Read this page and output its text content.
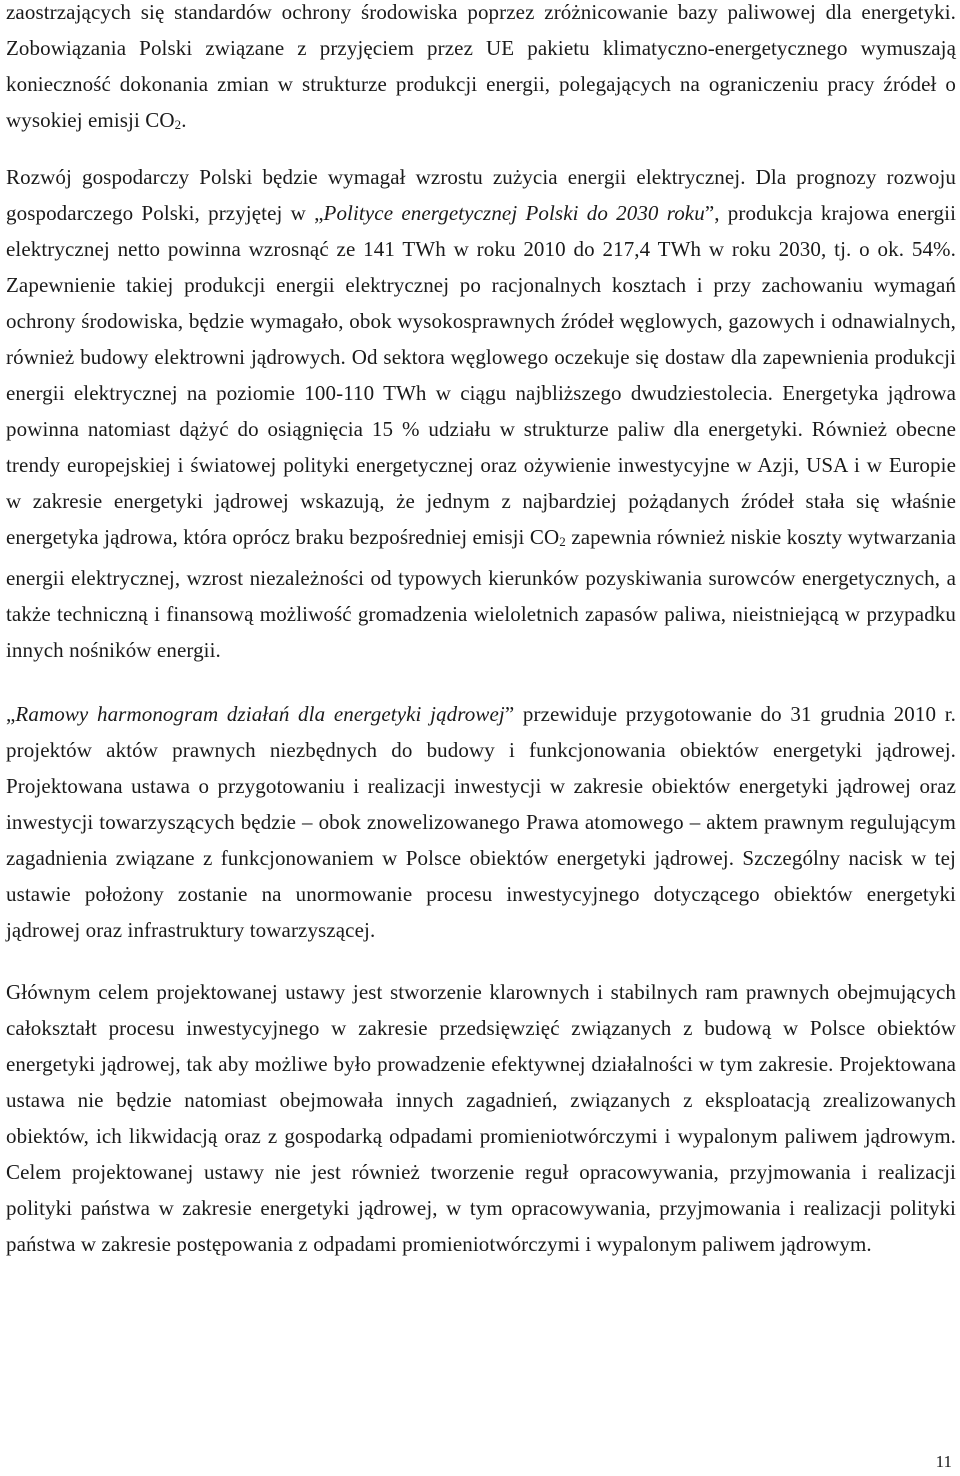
zaostrzających się standardów ochrony środowiska poprzez zróżnicowanie bazy paliwowej dla energetyki. Zobowiązania Polski związane z przyjęciem przez UE pakietu klimatyczno-energetycznego wymuszają konieczność dokonania zmian w strukturze produkcji energii, polegających na ograniczeniu pracy źródeł o wysokiej emisji $CO_2$.

Rozwój gospodarczy Polski będzie wymagał wzrostu zużycia energii elektrycznej. Dla prognozy rozwoju gospodarczego Polski, przyjętej w „Polityce energetycznej Polski do 2030 roku”, produkcja krajowa energii elektrycznej netto powinna wzrosnąć ze 141 TWh w roku 2010 do 217,4 TWh w roku 2030, tj. o ok. 54%. Zapewnienie takiej produkcji energii elektrycznej po racjonalnych kosztach i przy zachowaniu wymagań ochrony środowiska, będzie wymagało, obok wysokosprawnych źródeł węglowych, gazowych i odnawialnych, również budowy elektrowni jądrowych. Od sektora węglowego oczekuje się dostaw dla zapewnienia produkcji energii elektrycznej na poziomie 100-110 TWh w ciągu najbliższego dwudziestolecia. Energetyka jądrowa powinna natomiast dążyć do osiągnięcia 15 % udziału w strukturze paliw dla energetyki. Również obecne trendy europejskiej i światowej polityki energetycznej oraz ożywienie inwestycyjne w Azji, USA i w Europie w zakresie energetyki jądrowej wskazują, że jednym z najbardziej pożądanych źródeł stała się właśnie energetyka jądrowa, która oprócz braku bezpośredniej emisji $CO_2$ zapewnia również niskie koszty wytwarzania energii elektrycznej, wzrost niezależności od typowych kierunków pozyskiwania surowców energetycznych, a także techniczną i finansową możliwość gromadzenia wieloletnich zapasów paliwa, nieistniejącą w przypadku innych nośników energii.

„Ramowy harmonogram działań dla energetyki jądrowej” przewiduje przygotowanie do 31 grudnia 2010 r. projektów aktów prawnych niezbędnych do budowy i funkcjonowania obiektów energetyki jądrowej. Projektowana ustawa o przygotowaniu i realizacji inwestycji w zakresie obiektów energetyki jądrowej oraz inwestycji towarzyszących będzie – obok znowelizowanego Prawa atomowego – aktem prawnym regulującym zagadnienia związane z funkcjonowaniem w Polsce obiektów energetyki jądrowej. Szczególny nacisk w tej ustawie położony zostanie na unormowanie procesu inwestycyjnego dotyczącego obiektów energetyki jądrowej oraz infrastruktury towarzyszącej.

Głównym celem projektowanej ustawy jest stworzenie klarownych i stabilnych ram prawnych obejmujących całokształt procesu inwestycyjnego w zakresie przedsięwzięć związanych z budową w Polsce obiektów energetyki jądrowej, tak aby możliwe było prowadzenie efektywnej działalności w tym zakresie. Projektowana ustawa nie będzie natomiast obejmowała innych zagadnień, związanych z eksploatacją zrealizowanych obiektów, ich likwidacją oraz z gospodarką odpadami promieniotwórczymi i wypalonym paliwem jądrowym. Celem projektowanej ustawy nie jest również tworzenie reguł opracowywania, przyjmowania i realizacji polityki państwa w zakresie energetyki jądrowej, w tym opracowywania, przyjmowania i realizacji polityki państwa w zakresie postępowania z odpadami promieniotwórczymi i wypalonym paliwem jądrowym.

11
